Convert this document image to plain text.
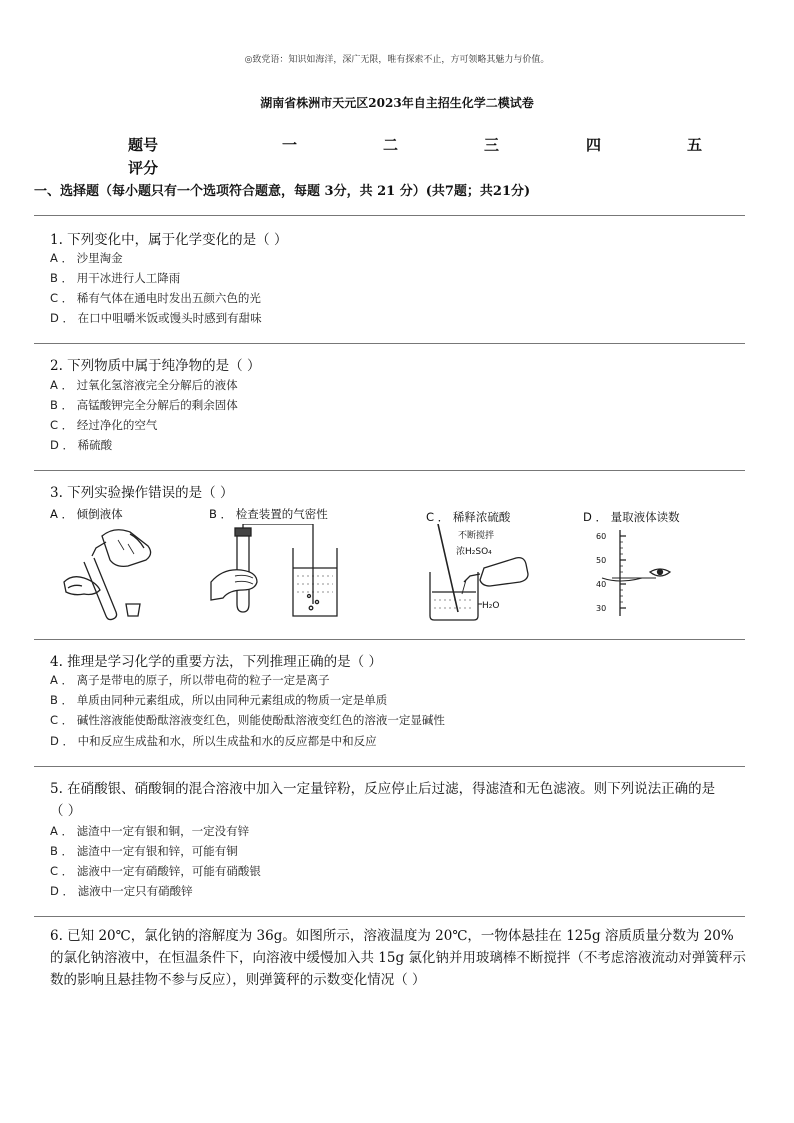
◎致党语：知识如海洋，深广无限，唯有探索不止，方可领略其魅力与价值。
湖南省株洲市天元区2023年自主招生化学二模试卷
题号	一	二	三	四	五
评分
一、选择题（每小题只有一个选项符合题意，每题 3分，共 21 分）(共7题；共21分)
1. 下列变化中，属于化学变化的是（ ）
A ． 沙里淘金
B ． 用干冰进行人工降雨
C ． 稀有气体在通电时发出五颜六色的光
D ． 在口中咀嚼米饭或馒头时感到有甜味
2. 下列物质中属于纯净物的是（ ）
A ． 过氧化氢溶液完全分解后的液体
B ． 高锰酸钾完全分解后的剩余固体
C ． 经过净化的空气
D ． 稀硫酸
3. 下列实验操作错误的是（ ）
A ． 倾倒液体	B ． 检查装置的气密性	C ． 稀释浓硫酸	D ． 量取液体读数
不断搅拌
浓H₂SO₄
H₂O
60
50
40
30
4. 推理是学习化学的重要方法，下列推理正确的是（ ）
A ． 离子是带电的原子，所以带电荷的粒子一定是离子
B ． 单质由同种元素组成，所以由同种元素组成的物质一定是单质
C ． 碱性溶液能使酚酞溶液变红色，则能使酚酞溶液变红色的溶液一定显碱性
D ． 中和反应生成盐和水，所以生成盐和水的反应都是中和反应
5. 在硝酸银、硝酸铜的混合溶液中加入一定量锌粉，反应停止后过滤，得滤渣和无色滤液。则下列说法正确的是
（ ）
A ． 滤渣中一定有银和铜，一定没有锌
B ． 滤渣中一定有银和锌，可能有铜
C ． 滤液中一定有硝酸锌，可能有硝酸银
D ． 滤液中一定只有硝酸锌
6. 已知 20℃，氯化钠的溶解度为 36g。如图所示，溶液温度为 20℃，一物体悬挂在 125g 溶质质量分数为 20%的氯化钠溶液中，在恒温条件下，向溶液中缓慢加入共 15g 氯化钠并用玻璃棒不断搅拌（不考虑溶液流动对弹簧秤示数的影响且悬挂物不参与反应），则弹簧秤的示数变化情况（ ）
